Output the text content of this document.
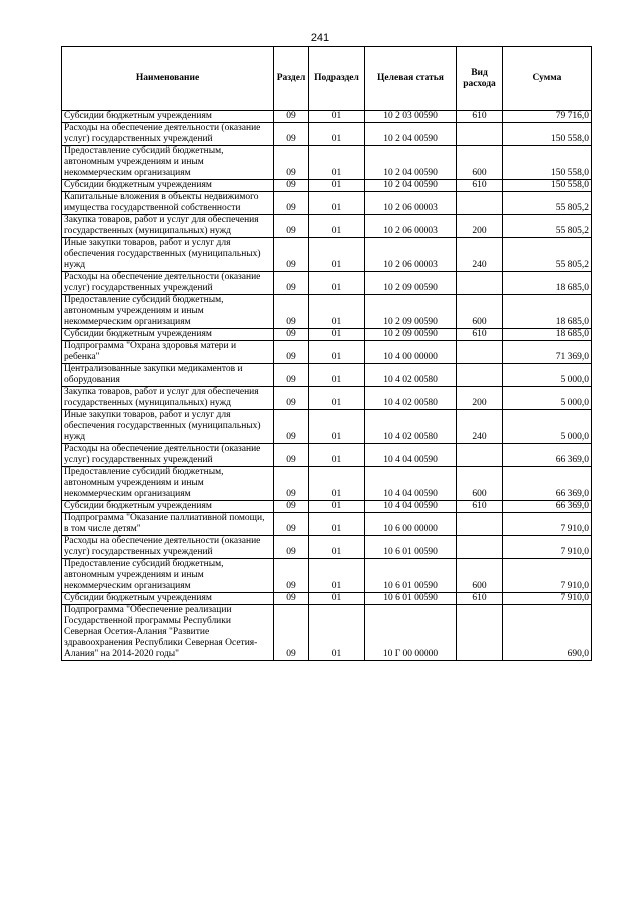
241
Наименование	Раздел	Подраздел	Целевая статья	Вид расхода	Сумма
Субсидии бюджетным учреждениям	09	01	10 2 03 00590	610	79 716,0
Расходы на обеспечение деятельности (оказание услуг) государственных учреждений	09	01	10 2 04 00590		150 558,0
Предоставление субсидий бюджетным, автономным учреждениям и иным некоммерческим организациям	09	01	10 2 04 00590	600	150 558,0
Субсидии бюджетным учреждениям	09	01	10 2 04 00590	610	150 558,0
Капитальные вложения в объекты недвижимого имущества государственной собственности	09	01	10 2 06 00003		55 805,2
Закупка товаров, работ и услуг для обеспечения государственных (муниципальных) нужд	09	01	10 2 06 00003	200	55 805,2
Иные закупки товаров, работ и услуг для обеспечения государственных (муниципальных) нужд	09	01	10 2 06 00003	240	55 805,2
Расходы на обеспечение деятельности (оказание услуг) государственных учреждений	09	01	10 2 09 00590		18 685,0
Предоставление субсидий бюджетным, автономным учреждениям и иным некоммерческим организациям	09	01	10 2 09 00590	600	18 685,0
Субсидии бюджетным учреждениям	09	01	10 2 09 00590	610	18 685,0
Подпрограмма "Охрана здоровья матери и ребенка"	09	01	10 4 00 00000		71 369,0
Централизованные закупки медикаментов и оборудования	09	01	10 4 02 00580		5 000,0
Закупка товаров, работ и услуг для обеспечения государственных (муниципальных) нужд	09	01	10 4 02 00580	200	5 000,0
Иные закупки товаров, работ и услуг для обеспечения государственных (муниципальных) нужд	09	01	10 4 02 00580	240	5 000,0
Расходы на обеспечение деятельности (оказание услуг) государственных учреждений	09	01	10 4 04 00590		66 369,0
Предоставление субсидий бюджетным, автономным учреждениям и иным некоммерческим организациям	09	01	10 4 04 00590	600	66 369,0
Субсидии бюджетным учреждениям	09	01	10 4 04 00590	610	66 369,0
Подпрограмма "Оказание паллиативной помощи, в том числе детям"	09	01	10 6 00 00000		7 910,0
Расходы на обеспечение деятельности (оказание услуг) государственных учреждений	09	01	10 6 01 00590		7 910,0
Предоставление субсидий бюджетным, автономным учреждениям и иным некоммерческим организациям	09	01	10 6 01 00590	600	7 910,0
Субсидии бюджетным учреждениям	09	01	10 6 01 00590	610	7 910,0
Подпрограмма "Обеспечение реализации Государственной программы Республики Северная Осетия-Алания "Развитие здравоохранения Республики Северная Осетия-Алания" на 2014-2020 годы"	09	01	10 Г 00 00000		690,0
